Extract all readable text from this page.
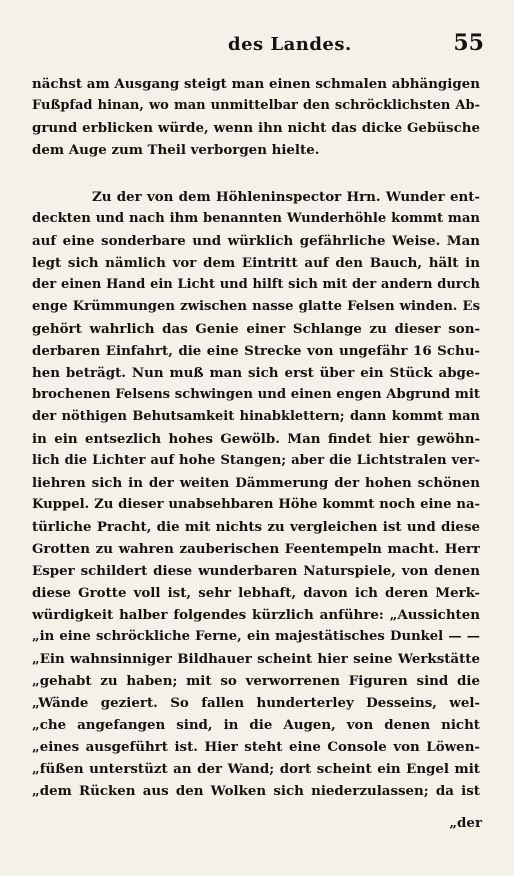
des Landes.	55
nächst am Ausgang steigt man einen schmalen abhängigen
Fußpfad hinan, wo man unmittelbar den schröcklichsten Ab-
grund erblicken würde, wenn ihn nicht das dicke Gebüsche
dem Auge zum Theil verborgen hielte.
Zu der von dem Höhleninspector Hrn. Wunder ent-
deckten und nach ihm benannten Wunderhöhle kommt man
auf eine sonderbare und würklich gefährliche Weise. Man
legt sich nämlich vor dem Eintritt auf den Bauch, hält in
der einen Hand ein Licht und hilft sich mit der andern durch
enge Krümmungen zwischen nasse glatte Felsen winden. Es
gehört wahrlich das Genie einer Schlange zu dieser son-
derbaren Einfahrt, die eine Strecke von ungefähr 16 Schu-
hen beträgt. Nun muß man sich erst über ein Stück abge-
brochenen Felsens schwingen und einen engen Abgrund mit
der nöthigen Behutsamkeit hinabklettern; dann kommt man
in ein entsezlich hohes Gewölb. Man findet hier gewöhn-
lich die Lichter auf hohe Stangen; aber die Lichtstralen ver-
liehren sich in der weiten Dämmerung der hohen schönen
Kuppel. Zu dieser unabsehbaren Höhe kommt noch eine na-
türliche Pracht, die mit nichts zu vergleichen ist und diese
Grotten zu wahren zauberischen Feentempeln macht. Herr
Esper schildert diese wunderbaren Naturspiele, von denen
diese Grotte voll ist, sehr lebhaft, davon ich deren Merk-
würdigkeit halber folgendes kürzlich anführe: „Aussichten
„in eine schröckliche Ferne, ein majestätisches Dunkel — —
„Ein wahnsinniger Bildhauer scheint hier seine Werkstätte
„gehabt zu haben; mit so verworrenen Figuren sind die
„Wände geziert. So fallen hunderterley Desseins, wel-
„che angefangen sind, in die Augen, von denen nicht
„eines ausgeführt ist. Hier steht eine Console von Löwen-
„füßen unterstüzt an der Wand; dort scheint ein Engel mit
„dem Rücken aus den Wolken sich niederzulassen; da ist
„der
